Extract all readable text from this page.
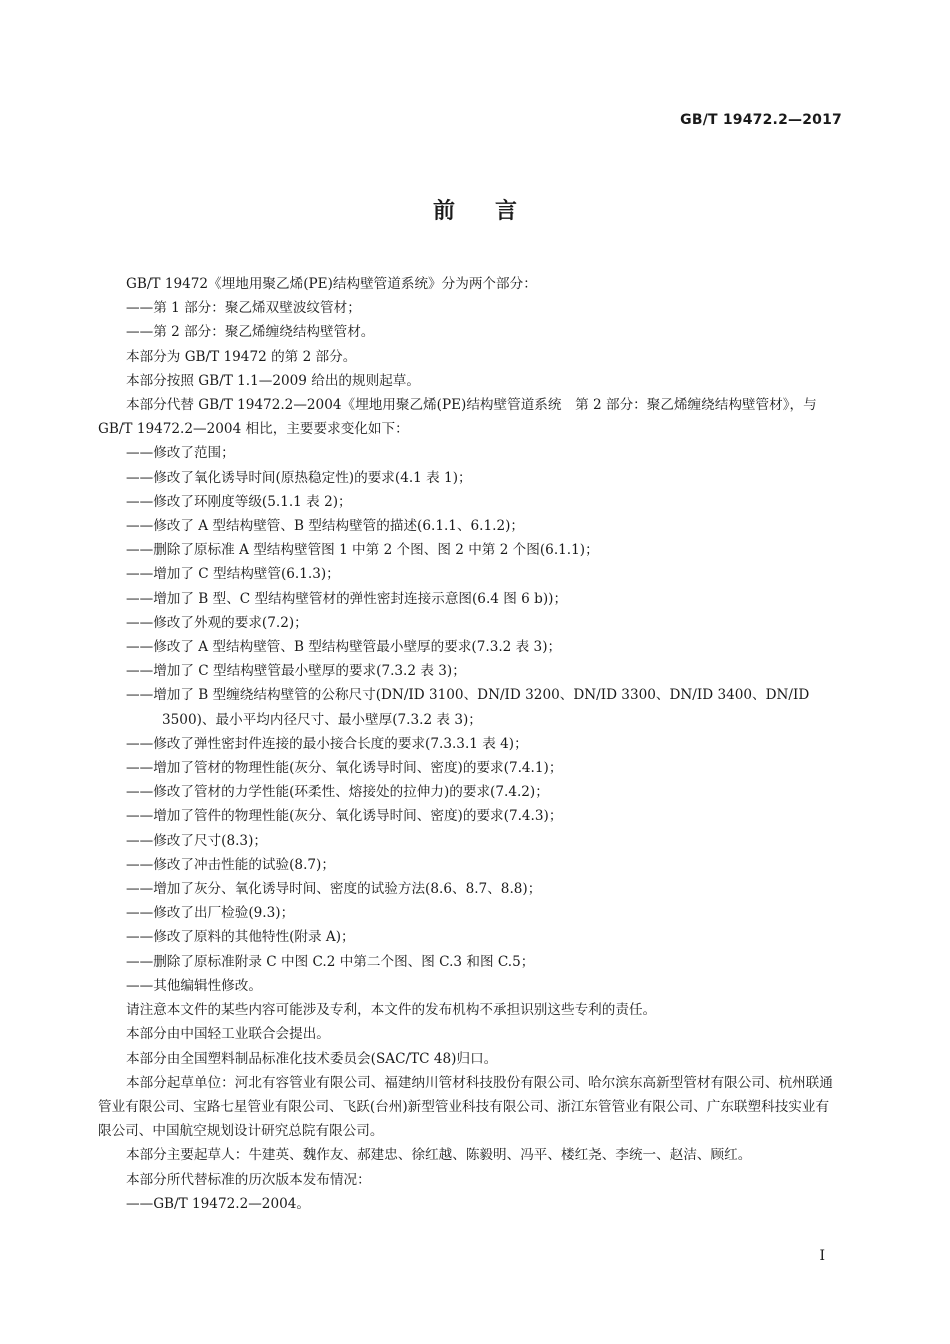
GB/T 19472.2—2017
前言

GB/T 19472《埋地用聚乙烯(PE)结构壁管道系统》分为两个部分：

——第 1 部分：聚乙烯双壁波纹管材；

——第 2 部分：聚乙烯缠绕结构壁管材。

本部分为 GB/T 19472 的第 2 部分。

本部分按照 GB/T 1.1—2009 给出的规则起草。

本部分代替 GB/T 19472.2—2004《埋地用聚乙烯(PE)结构壁管道系统　第 2 部分：聚乙烯缠绕结构壁管材》，与 GB/T 19472.2—2004 相比，主要要求变化如下：

——修改了范围；

——修改了氧化诱导时间(原热稳定性)的要求(4.1 表 1)；

——修改了环刚度等级(5.1.1 表 2)；

——修改了 A 型结构壁管、B 型结构壁管的描述(6.1.1、6.1.2)；

——删除了原标准 A 型结构壁管图 1 中第 2 个图、图 2 中第 2 个图(6.1.1)；

——增加了 C 型结构壁管(6.1.3)；

——增加了 B 型、C 型结构壁管材的弹性密封连接示意图(6.4 图 6 b))；

——修改了外观的要求(7.2)；

——修改了 A 型结构壁管、B 型结构壁管最小壁厚的要求(7.3.2 表 3)；

——增加了 C 型结构壁管最小壁厚的要求(7.3.2 表 3)；

——增加了 B 型缠绕结构壁管的公称尺寸(DN/ID 3100、DN/ID 3200、DN/ID 3300、DN/ID 3400、DN/ID 3500)、最小平均内径尺寸、最小壁厚(7.3.2 表 3)；

——修改了弹性密封件连接的最小接合长度的要求(7.3.3.1 表 4)；

——增加了管材的物理性能(灰分、氧化诱导时间、密度)的要求(7.4.1)；

——修改了管材的力学性能(环柔性、熔接处的拉伸力)的要求(7.4.2)；

——增加了管件的物理性能(灰分、氧化诱导时间、密度)的要求(7.4.3)；

——修改了尺寸(8.3)；

——修改了冲击性能的试验(8.7)；

——增加了灰分、氧化诱导时间、密度的试验方法(8.6、8.7、8.8)；

——修改了出厂检验(9.3)；

——修改了原料的其他特性(附录 A)；

——删除了原标准附录 C 中图 C.2 中第二个图、图 C.3 和图 C.5；

——其他编辑性修改。

请注意本文件的某些内容可能涉及专利，本文件的发布机构不承担识别这些专利的责任。

本部分由中国轻工业联合会提出。

本部分由全国塑料制品标准化技术委员会(SAC/TC 48)归口。

本部分起草单位：河北有容管业有限公司、福建纳川管材科技股份有限公司、哈尔滨东高新型管材有限公司、杭州联通管业有限公司、宝路七星管业有限公司、飞跃(台州)新型管业科技有限公司、浙江东管管业有限公司、广东联塑科技实业有限公司、中国航空规划设计研究总院有限公司。

本部分主要起草人：牛建英、魏作友、郝建忠、徐红越、陈毅明、冯平、楼红尧、李统一、赵洁、顾红。

本部分所代替标准的历次版本发布情况：

——GB/T 19472.2—2004。

I
